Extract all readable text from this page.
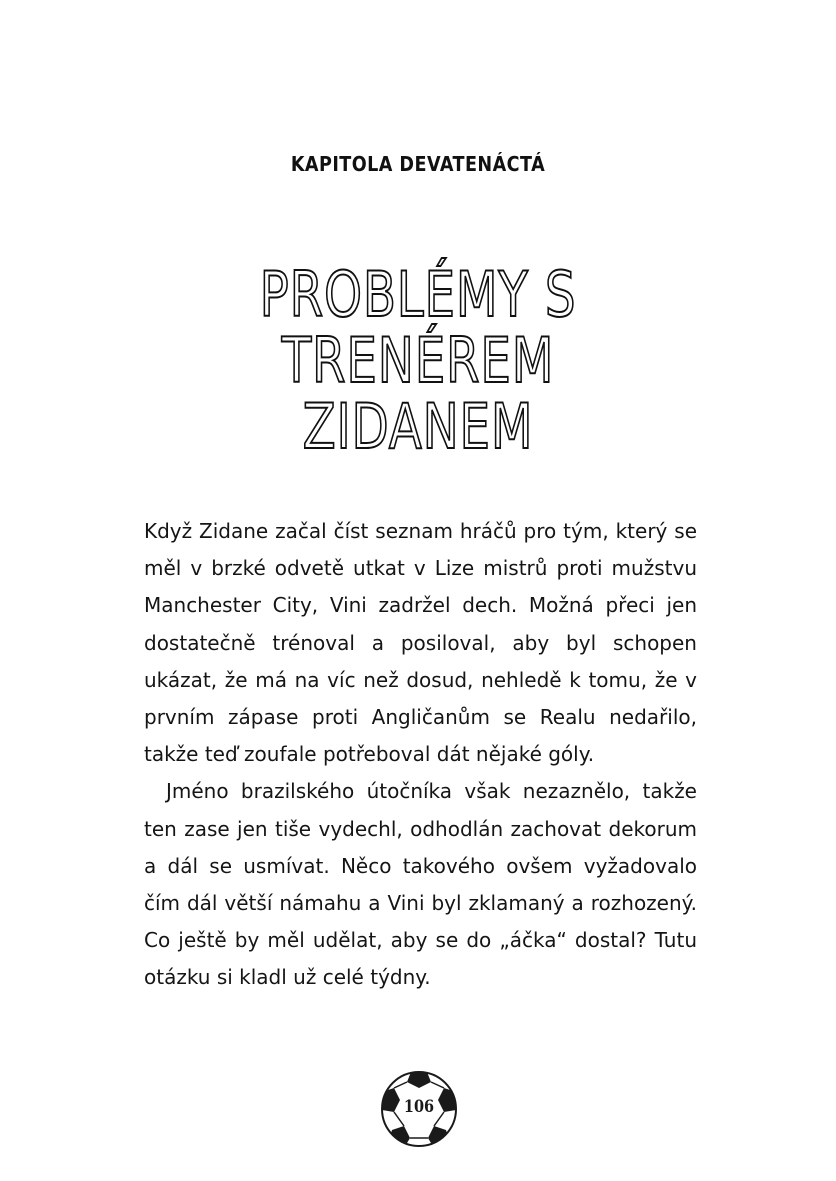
KAPITOLA DEVATENÁCTÁ
PROBLÉMY S TRENÉREM
ZIDANEM

Když Zidane začal číst seznam hráčů pro tým, který se měl v brzké odvetě utkat v Lize mistrů proti mužstvu Manchester City, Vini zadržel dech. Možná přeci jen dostatečně trénoval a posiloval, aby byl schopen ukázat, že má na víc než dosud, nehledě k tomu, že v prvním zápase proti Angličanům se Realu nedařilo, takže teď zoufale potřeboval dát nějaké góly.

Jméno brazilského útočníka však nezaznělo, takže ten zase jen tiše vydechl, odhodlán zachovat dekorum a dál se usmívat. Něco takového ovšem vyžadovalo čím dál větší námahu a Vini byl zklamaný a rozhozený. Co ještě by měl udělat, aby se do „áčka“ dostal? Tutu otázku si kladl už celé týdny.

106
